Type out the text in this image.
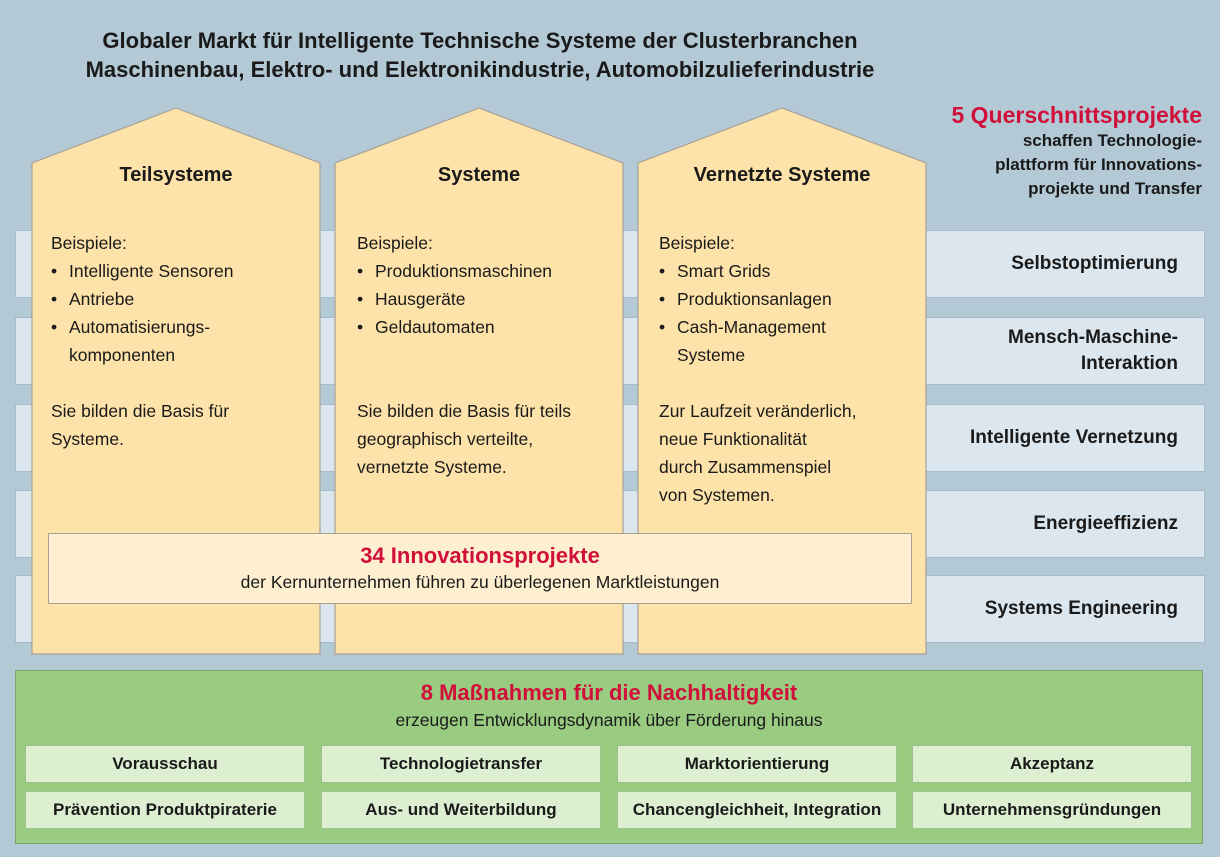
Globaler Markt für Intelligente Technische Systeme der Clusterbranchen
Maschinenbau, Elektro- und Elektronikindustrie, Automobilzulieferindustrie
5 Querschnittsprojekte
schaffen Technologie-
plattform für Innovations-
projekte und Transfer
Selbstoptimierung
Mensch-Maschine-
Interaktion
Intelligente Vernetzung
Energieeffizienz
Systems Engineering
Teilsysteme
Beispiele:
• Intelligente Sensoren
• Antriebe
• Automatisierungs-
komponenten
Sie bilden die Basis für
Systeme.
Systeme
Beispiele:
• Produktionsmaschinen
• Hausgeräte
• Geldautomaten
Sie bilden die Basis für teils
geographisch verteilte,
vernetzte Systeme.
Vernetzte Systeme
Beispiele:
• Smart Grids
• Produktionsanlagen
• Cash-Management
Systeme
Zur Laufzeit veränderlich,
neue Funktionalität
durch Zusammenspiel
von Systemen.
34 Innovationsprojekte
der Kernunternehmen führen zu überlegenen Marktleistungen
8 Maßnahmen für die Nachhaltigkeit
erzeugen Entwicklungsdynamik über Förderung hinaus
Vorausschau	Technologietransfer	Marktorientierung	Akzeptanz
Prävention Produktpiraterie	Aus- und Weiterbildung	Chancengleichheit, Integration	Unternehmensgründungen
